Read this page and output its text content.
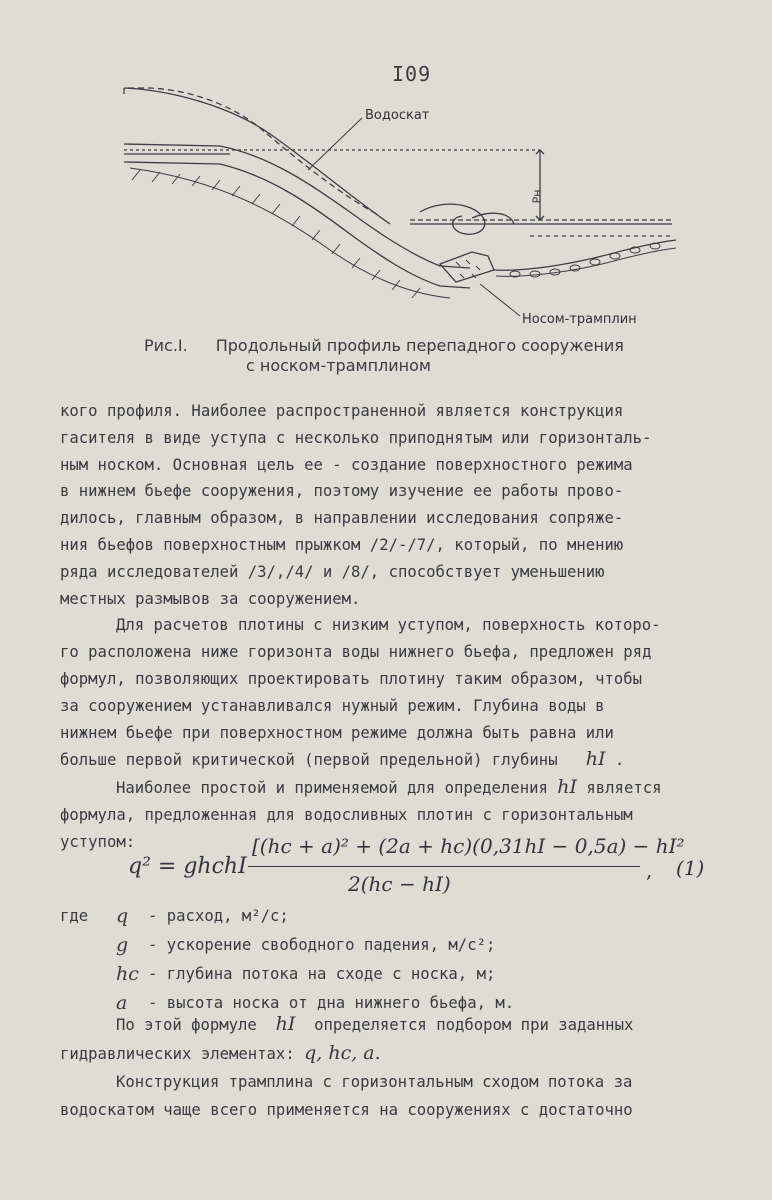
I09
Водоскат
Рн
Носом-трамплин
Рис.I. Продольный профиль перепадного сооружения
с носком-трамплином

кого профиля. Наиболее распространенной является конструкция

гасителя в виде уступа с несколько приподнятым или горизонталь-

ным носком. Основная цель ее - создание поверхностного режима

в нижнем бьефе сооружения, поэтому изучение ее работы прово-

дилось, главным образом, в направлении исследования сопряже-

ния бьефов поверхностным прыжком /2/-/7/, который, по мнению

ряда исследователей /3/,/4/ и /8/, способствует уменьшению

местных размывов за сооружением.

Для расчетов плотины с низким уступом, поверхность которо-

го расположена ниже горизонта воды нижнего бьефа, предложен ряд

формул, позволяющих проектировать плотину таким образом, чтобы

за сооружением устанавливался нужный режим. Глубина воды в

нижнем бьефе при поверхностном режиме должна быть равна или

больше первой критической (первой предельной) глубины hI .

Наиболее простой и применяемой для определения hI является

формула, предложенная для водосливных плотин с горизонтальным

уступом:

q² = ghchI
[(hc + a)² + (2a + hc)(0,31hI − 0,5a) − hI²
2(hc − hI)
, (1)
где	q	- расход, м²/с;
g	- ускорение свободного падения, м/с²;
hc - глубина потока на сходе с носка, м;
a	- высота носка от дна нижнего бьефа, м.

По этой формуле hI определяется подбором при заданных

гидравлических элементах: q, hc, a.

Конструкция трамплина с горизонтальным сходом потока за

водоскатом чаще всего применяется на сооружениях с достаточно
